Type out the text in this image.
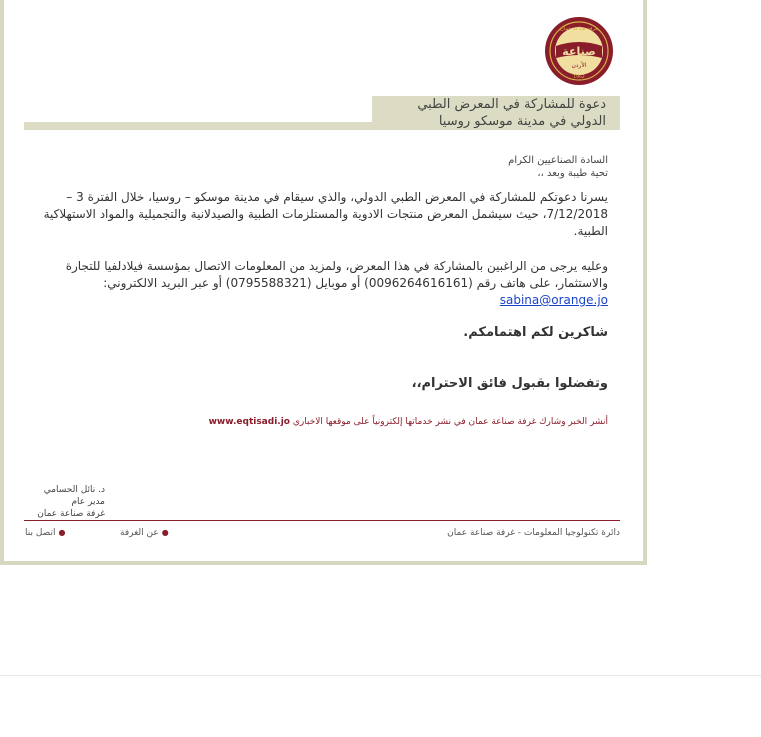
صناعة
الأردن
غرفة صناعة عمان
1962
دعوة للمشاركة في المعرض الطبي
الدولي في مدينة موسكو روسيا
السادة الصناعيين الكرام
تحية طيبة وبعد ،،
يسرنا دعوتكم للمشاركة في المعرض الطبي الدولي، والذي سيقام في مدينة موسكو – روسيا، خلال الفترة 3 – 7/12/2018، حيث سيشمل المعرض منتجات الادوية والمستلزمات الطبية والصيدلانية والتجميلية والمواد الاستهلاكية الطبية.
وعليه يرجى من الراغبين بالمشاركة في هذا المعرض، ولمزيد من المعلومات الاتصال بمؤسسة فيلادلفيا للتجارة والاستثمار، على هاتف رقم (0096264616161) أو موبايل (0795588321) أو عبر البريد الالكتروني: sabina@orange.jo
شاكرين لكم اهتمامكم.
وتفضلوا بقبول فائق الاحترام،،
أنشر الخبر وشارك غرفة صناعة عمان في نشر خدماتها إلكترونياً على موقعها الاخباري www.eqtisadi.jo
د. نائل الحسامي
مدير عام
غرفة صناعة عمان
دائرة تكنولوجيا المعلومات - غرفة صناعة عمان
●عن الغرفة
●اتصل بنا
